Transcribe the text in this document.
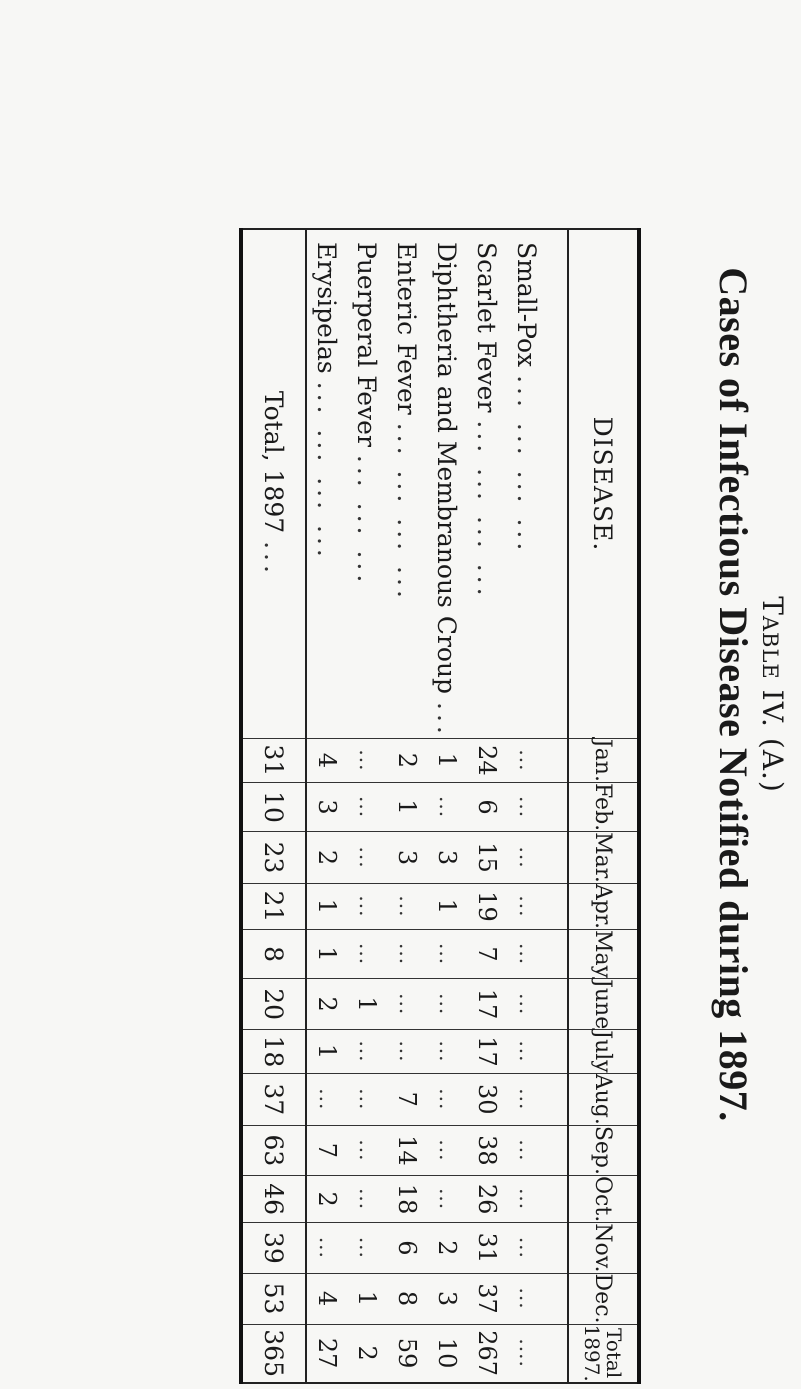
TABLE IV. (A.)
Cases of Infectious Disease Notified during 1897.
DISEASE.	Jan.	Feb.	Mar.	Apr.	May	June	July	Aug.	Sep.	Oct.	Nov.	Dec.	Total 1897.
Small-Pox ... ... ... ...	...	...	...	...	...	...	...	...	...	...	...	...	....
Scarlet Fever ... ... ... ...	24	6	15	19	7	17	17	30	38	26	31	37	267
Diphtheria and Membranous Croup ...	1	...	3	1	...	...	...	...	...	...	2	3	10
Enteric Fever ... ... ... ...	2	1	3	...	...	...	...	7	14	18	6	8	59
Puerperal Fever ... ... ...	...	...	...	...	...	1	...	...	...	...	...	1	2
Erysipelas ... ... ... ...	4	3	2	1	1	2	1	...	7	2	...	4	27
Total, 1897 ...	31	10	23	21	8	20	18	37	63	46	39	53	365
